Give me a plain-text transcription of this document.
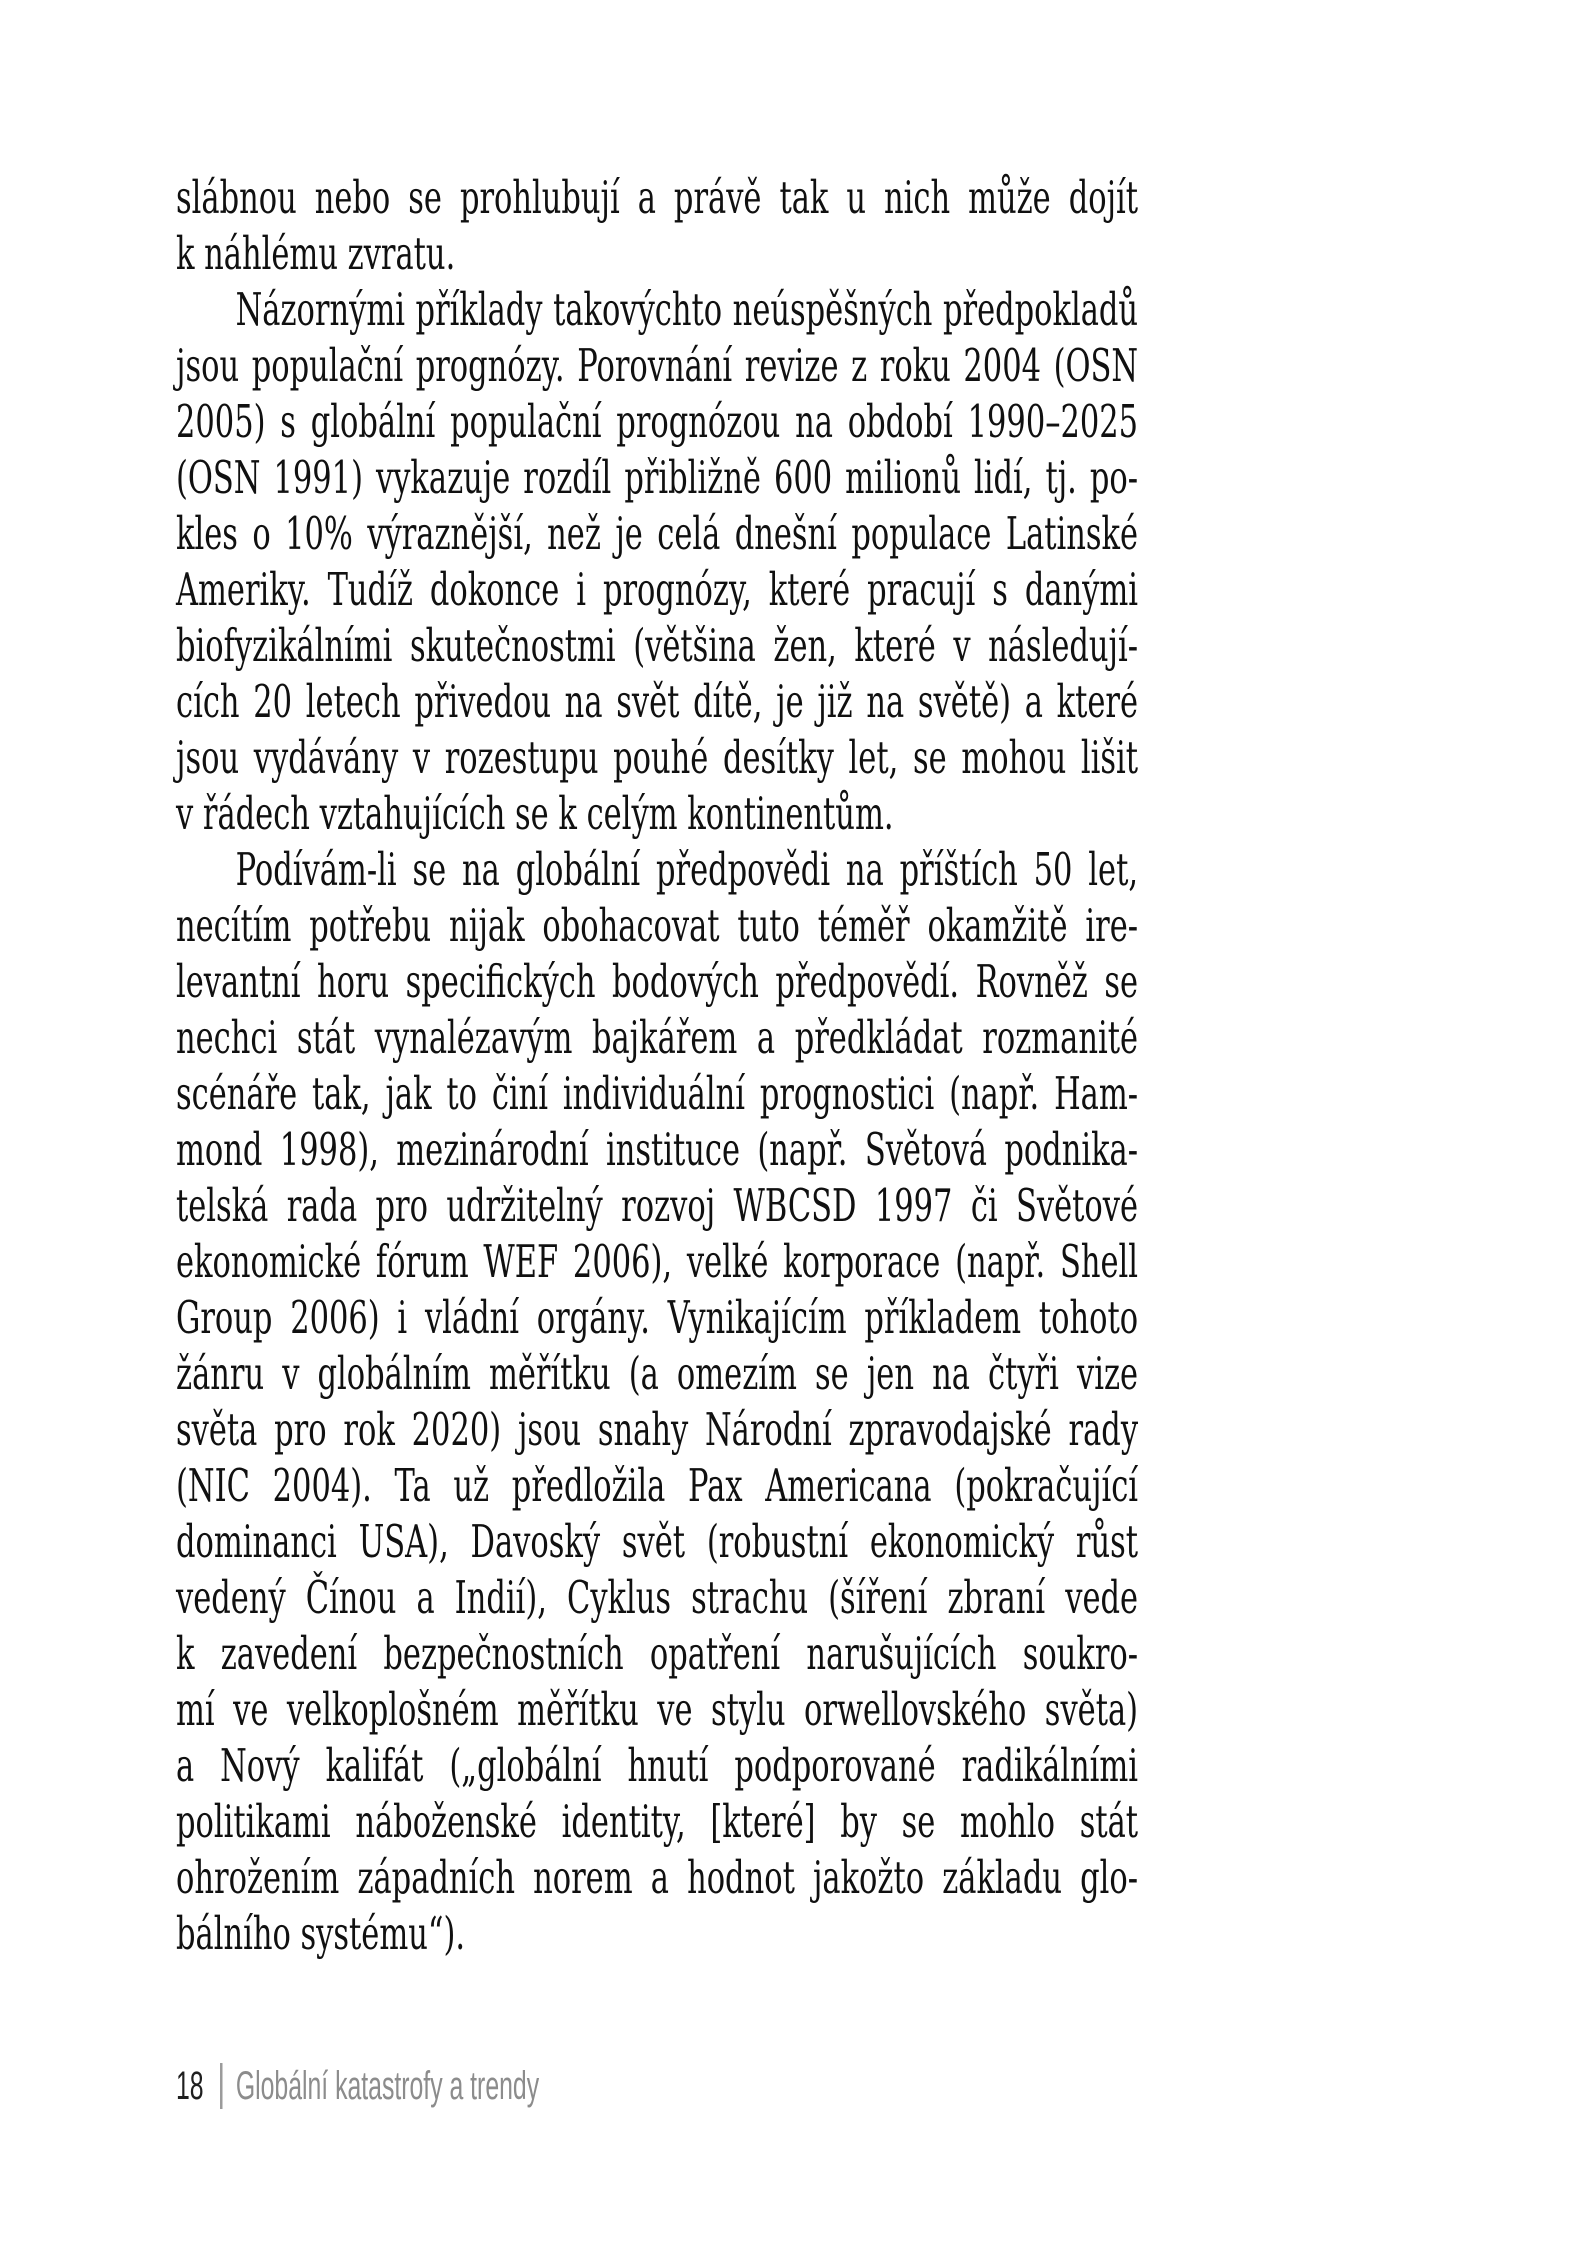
slábnou nebo se prohlubují a právě tak u nich může dojít
k náhlému zvratu.

Názornými příklady takovýchto neúspěšných předpokladů
jsou populační prognózy. Porovnání revize z roku 2004 (OSN
2005) s globální populační prognózou na období 1990–2025
(OSN 1991) vykazuje rozdíl přibližně 600 milionů lidí, tj. po-
kles o 10% výraznější, než je celá dnešní populace Latinské
Ameriky. Tudíž dokonce i prognózy, které pracují s danými
biofyzikálními skutečnostmi (většina žen, které v následují-
cích 20 letech přivedou na svět dítě, je již na světě) a které
jsou vydávány v rozestupu pouhé desítky let, se mohou lišit
v řádech vztahujících se k celým kontinentům.

Podívám-li se na globální předpovědi na příštích 50 let,
necítím potřebu nijak obohacovat tuto téměř okamžitě ire-
levantní horu specifických bodových předpovědí. Rovněž se
nechci stát vynalézavým bajkářem a předkládat rozmanité
scénáře tak, jak to činí individuální prognostici (např. Ham-
mond 1998), mezinárodní instituce (např. Světová podnika-
telská rada pro udržitelný rozvoj WBCSD 1997 či Světové
ekonomické fórum WEF 2006), velké korporace (např. Shell
Group 2006) i vládní orgány. Vynikajícím příkladem tohoto
žánru v globálním měřítku (a omezím se jen na čtyři vize
světa pro rok 2020) jsou snahy Národní zpravodajské rady
(NIC 2004). Ta už předložila Pax Americana (pokračující
dominanci USA), Davoský svět (robustní ekonomický růst
vedený Čínou a Indií), Cyklus strachu (šíření zbraní vede
k zavedení bezpečnostních opatření narušujících soukro-
mí ve velkoplošném měřítku ve stylu orwellovského světa)
a Nový kalifát („globální hnutí podporované radikálními
politikami náboženské identity, [které] by se mohlo stát
ohrožením západních norem a hodnot jakožto základu glo-
bálního systému“).

18 Globální katastrofy a trendy
